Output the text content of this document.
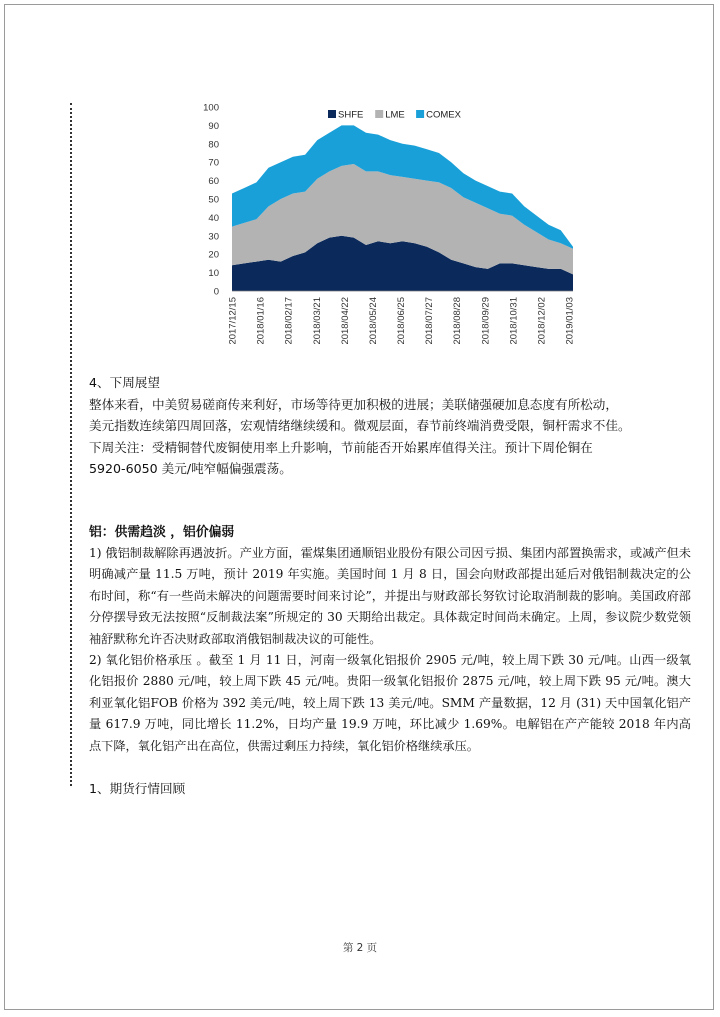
0
10
20
30
40
50
60
70
80
90
100
2017/12/15 2018/01/16 2018/02/17 2018/03/21 2018/04/22 2018/05/24 2018/06/25 2018/07/27 2018/08/28 2018/09/29 2018/10/31 2018/12/02 2019/01/03
SHFE LME COMEX
4、下周展望
整体来看，中美贸易磋商传来利好，市场等待更加积极的进展；美联储强硬加息态度有所松动，
美元指数连续第四周回落，宏观情绪继续缓和。微观层面，春节前终端消费受限，铜杆需求不佳。
下周关注：受精铜替代废铜使用率上升影响，节前能否开始累库值得关注。预计下周伦铜在
5920-6050 美元/吨窄幅偏强震荡。
铝：供需趋淡 ，铝价偏弱
1) 俄铝制裁解除再遇波折。产业方面，霍煤集团通顺铝业股份有限公司因亏损、集团内部置换需求，或减产但未明确减产量 11.5 万吨，预计 2019 年实施。美国时间 1 月 8 日，国会向财政部提出延后对俄铝制裁决定的公布时间，称“有一些尚未解决的问题需要时间来讨论”，并提出与财政部长努钦讨论取消制裁的影响。美国政府部分停摆导致无法按照“反制裁法案”所规定的 30 天期给出裁定。具体裁定时间尚未确定。上周，参议院少数党领袖舒默称允许否决财政部取消俄铝制裁决议的可能性。
2) 氧化铝价格承压 。截至 1 月 11 日，河南一级氧化铝报价 2905 元/吨，较上周下跌 30 元/吨。山西一级氧化铝报价 2880 元/吨，较上周下跌 45 元/吨。贵阳一级氧化铝报价 2875 元/吨，较上周下跌 95 元/吨。澳大利亚氧化铝FOB 价格为 392 美元/吨，较上周下跌 13 美元/吨。SMM 产量数据，12 月 (31) 天中国氧化铝产量 617.9 万吨，同比增长 11.2%，日均产量 19.9 万吨，环比减少 1.69%。电解铝在产产能较 2018 年内高点下降，氧化铝产出在高位，供需过剩压力持续，氧化铝价格继续承压。
1、期货行情回顾
第 2 页
